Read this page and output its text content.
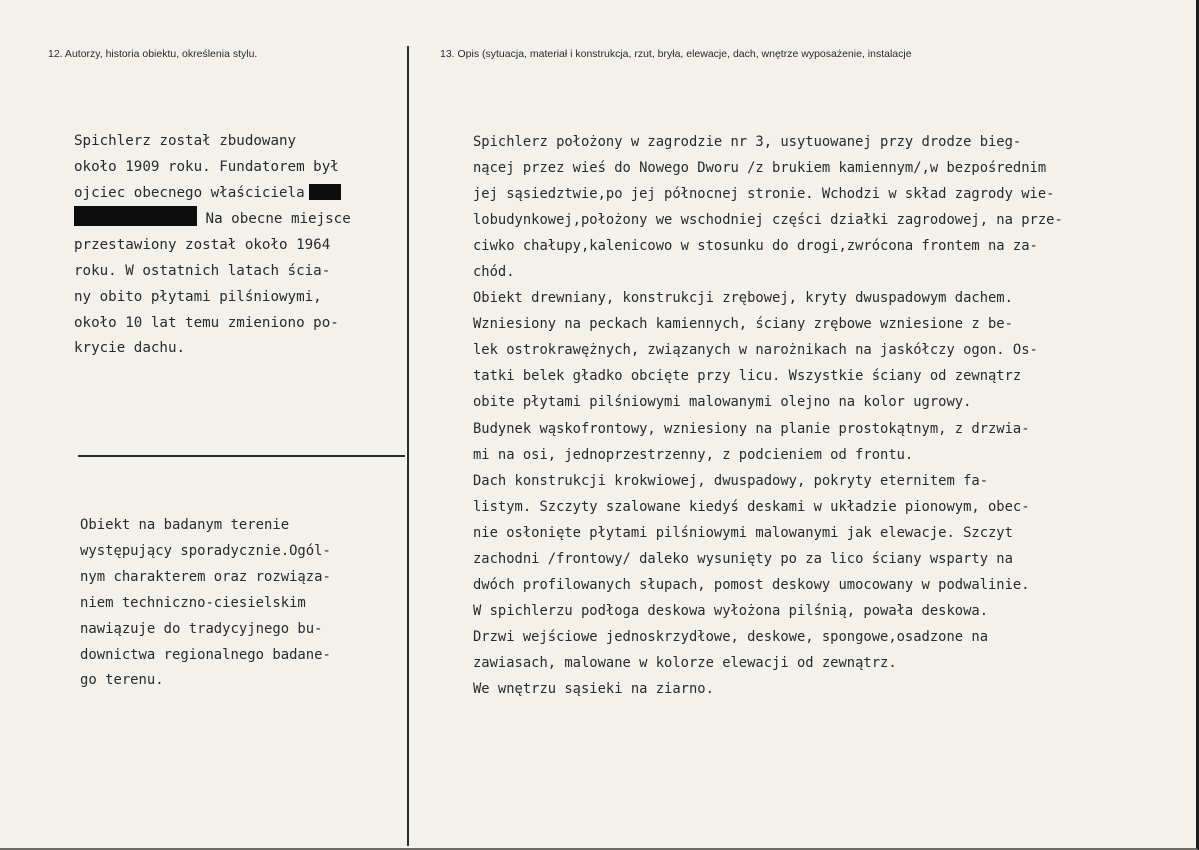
12. Autorzy, historia obiektu, określenia stylu.	13. Opis (sytuacja, materiał i konstrukcja, rzut, bryła, elewacje, dach, wnętrze wyposażenie, instalacje
Spichlerz został zbudowany
około 1909 roku. Fundatorem był
ojciec obecnego właściciela
Na obecne miejsce
przestawiony został około 1964
roku. W ostatnich latach ścia-
ny obito płytami pilśniowymi,
około 10 lat temu zmieniono po-
krycie dachu.
Obiekt na badanym terenie
występujący sporadycznie.Ogól-
nym charakterem oraz rozwiąza-
niem techniczno-ciesielskim
nawiązuje do tradycyjnego bu-
downictwa regionalnego badane-
go terenu.
Spichlerz położony w zagrodzie nr 3, usytuowanej przy drodze bieg-
nącej przez wieś do Nowego Dworu /z brukiem kamiennym/,w bezpośrednim
jej sąsiedztwie,po jej północnej stronie. Wchodzi w skład zagrody wie-
lobudynkowej,położony we wschodniej części działki zagrodowej, na prze-
ciwko chałupy,kalenicowo w stosunku do drogi,zwrócona frontem na za-
chód.
Obiekt drewniany, konstrukcji zrębowej, kryty dwuspadowym dachem.
Wzniesiony na peckach kamiennych, ściany zrębowe wzniesione z be-
lek ostrokrawężnych, związanych w narożnikach na jaskółczy ogon. Os-
tatki belek gładko obcięte przy licu. Wszystkie ściany od zewnątrz
obite płytami pilśniowymi malowanymi olejno na kolor ugrowy.
Budynek wąskofrontowy, wzniesiony na planie prostokątnym, z drzwia-
mi na osi, jednoprzestrzenny, z podcieniem od frontu.
Dach konstrukcji krokwiowej, dwuspadowy, pokryty eternitem fa-
listym. Szczyty szalowane kiedyś deskami w układzie pionowym, obec-
nie osłonięte płytami pilśniowymi malowanymi jak elewacje. Szczyt
zachodni /frontowy/ daleko wysunięty po za lico ściany wsparty na
dwóch profilowanych słupach, pomost deskowy umocowany w podwalinie.
W spichlerzu podłoga deskowa wyłożona pilśnią, powała deskowa.
Drzwi wejściowe jednoskrzydłowe, deskowe, spongowe,osadzone na
zawiasach, malowane w kolorze elewacji od zewnątrz.
We wnętrzu sąsieki na ziarno.
